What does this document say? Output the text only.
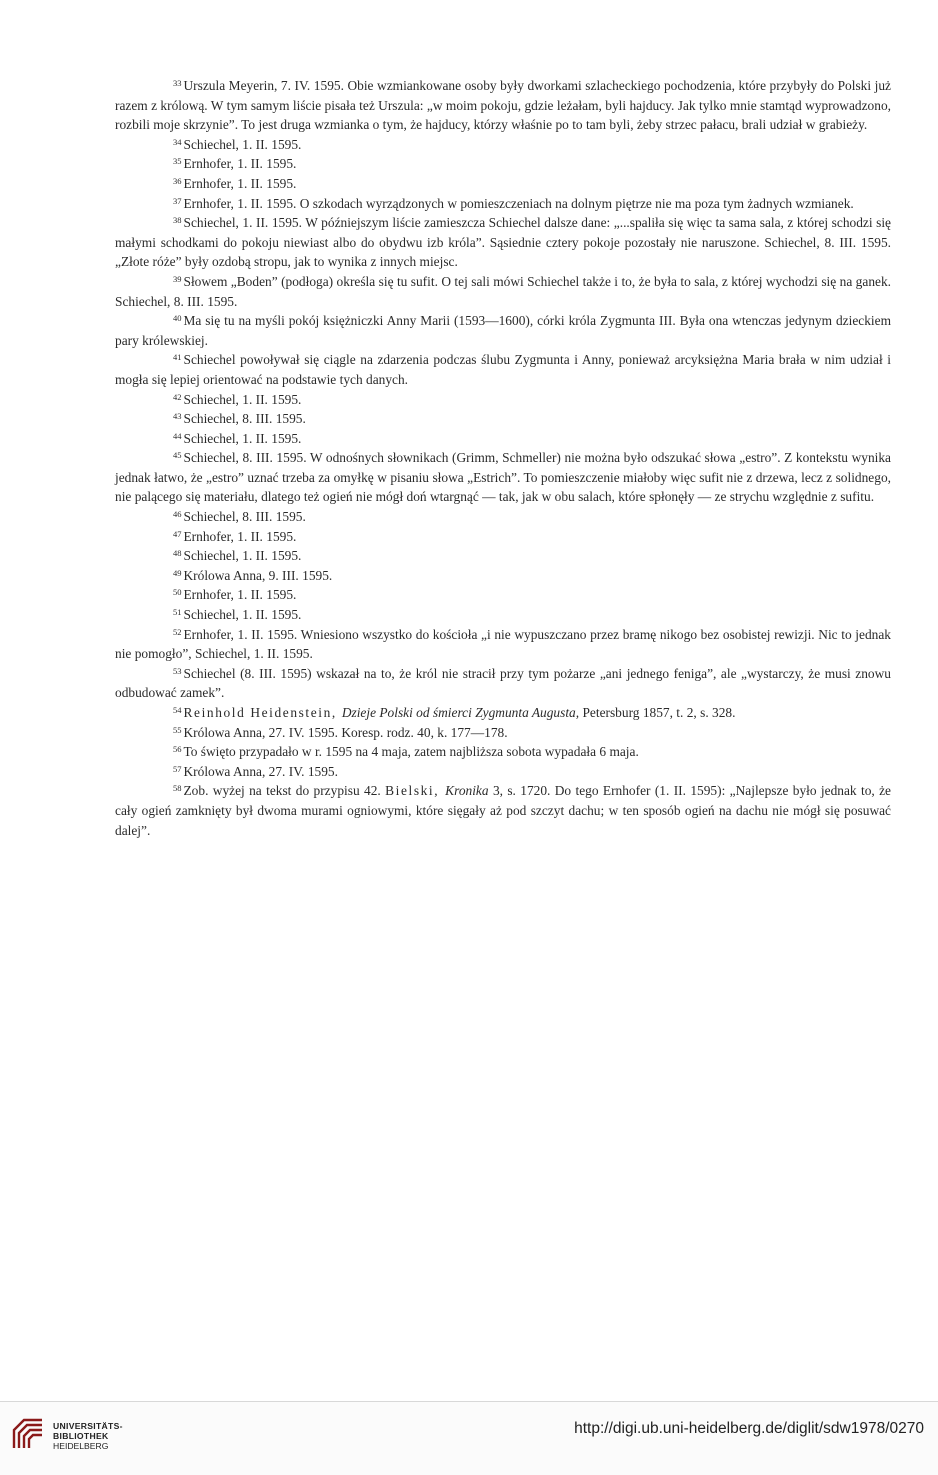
$^{33}$ Urszula Meyerin, 7. IV. 1595. Obie wzmiankowane osoby były dworkami szlacheckiego pochodzenia, które przybyły do Polski już razem z królową. W tym samym liście pisała też Urszula: „w moim pokoju, gdzie leżałam, byli hajducy. Jak tylko mnie stamtąd wyprowadzono, rozbili moje skrzynie”. To jest druga wzmianka o tym, że hajducy, którzy właśnie po to tam byli, żeby strzec pałacu, brali udział w grabieży.

$^{34}$ Schiechel, 1. II. 1595.

$^{35}$ Ernhofer, 1. II. 1595.

$^{36}$ Ernhofer, 1. II. 1595.

$^{37}$ Ernhofer, 1. II. 1595. O szkodach wyrządzonych w pomieszczeniach na dolnym piętrze nie ma poza tym żadnych wzmianek.

$^{38}$ Schiechel, 1. II. 1595. W późniejszym liście zamieszcza Schiechel dalsze dane: „...spaliła się więc ta sama sala, z której schodzi się małymi schodkami do pokoju niewiast albo do obydwu izb króla”. Sąsiednie cztery pokoje pozostały nie naruszone. Schiechel, 8. III. 1595. „Złote róże” były ozdobą stropu, jak to wynika z innych miejsc.

$^{39}$ Słowem „Boden” (podłoga) określa się tu sufit. O tej sali mówi Schiechel także i to, że była to sala, z której wychodzi się na ganek. Schiechel, 8. III. 1595.

$^{40}$ Ma się tu na myśli pokój księżniczki Anny Marii (1593—1600), córki króla Zygmunta III. Była ona wtenczas jedynym dzieckiem pary królewskiej.

$^{41}$ Schiechel powoływał się ciągle na zdarzenia podczas ślubu Zygmunta i Anny, ponieważ arcyksiężna Maria brała w nim udział i mogła się lepiej orientować na podstawie tych danych.

$^{42}$ Schiechel, 1. II. 1595.

$^{43}$ Schiechel, 8. III. 1595.

$^{44}$ Schiechel, 1. II. 1595.

$^{45}$ Schiechel, 8. III. 1595. W odnośnych słownikach (Grimm, Schmeller) nie można było odszukać słowa „estro”. Z kontekstu wynika jednak łatwo, że „estro” uznać trzeba za omyłkę w pisaniu słowa „Estrich”. To pomieszczenie miałoby więc sufit nie z drzewa, lecz z solidnego, nie palącego się materiału, dlatego też ogień nie mógł doń wtargnąć — tak, jak w obu salach, które spłonęły — ze strychu względnie z sufitu.

$^{46}$ Schiechel, 8. III. 1595.

$^{47}$ Ernhofer, 1. II. 1595.

$^{48}$ Schiechel, 1. II. 1595.

$^{49}$ Królowa Anna, 9. III. 1595.

$^{50}$ Ernhofer, 1. II. 1595.

$^{51}$ Schiechel, 1. II. 1595.

$^{52}$ Ernhofer, 1. II. 1595. Wniesiono wszystko do kościoła „i nie wypuszczano przez bramę nikogo bez osobistej rewizji. Nic to jednak nie pomogło”, Schiechel, 1. II. 1595.

$^{53}$ Schiechel (8. III. 1595) wskazał na to, że król nie stracił przy tym pożarze „ani jednego feniga”, ale „wystarczy, że musi znowu odbudować zamek”.

$^{54}$ Reinhold Heidenstein, Dzieje Polski od śmierci Zygmunta Augusta, Petersburg 1857, t. 2, s. 328.

$^{55}$ Królowa Anna, 27. IV. 1595. Koresp. rodz. 40, k. 177—178.

$^{56}$ To święto przypadało w r. 1595 na 4 maja, zatem najbliższa sobota wypadała 6 maja.

$^{57}$ Królowa Anna, 27. IV. 1595.

$^{58}$ Zob. wyżej na tekst do przypisu 42. Bielski, Kronika 3, s. 1720. Do tego Ernhofer (1. II. 1595): „Najlepsze było jednak to, że cały ogień zamknięty był dwoma murami ogniowymi, które sięgały aż pod szczyt dachu; w ten sposób ogień na dachu nie mógł się posuwać dalej”.

UNIVERSITÄTS-
BIBLIOTHEK
HEIDELBERG
http://digi.ub.uni-heidelberg.de/diglit/sdw1978/0270
